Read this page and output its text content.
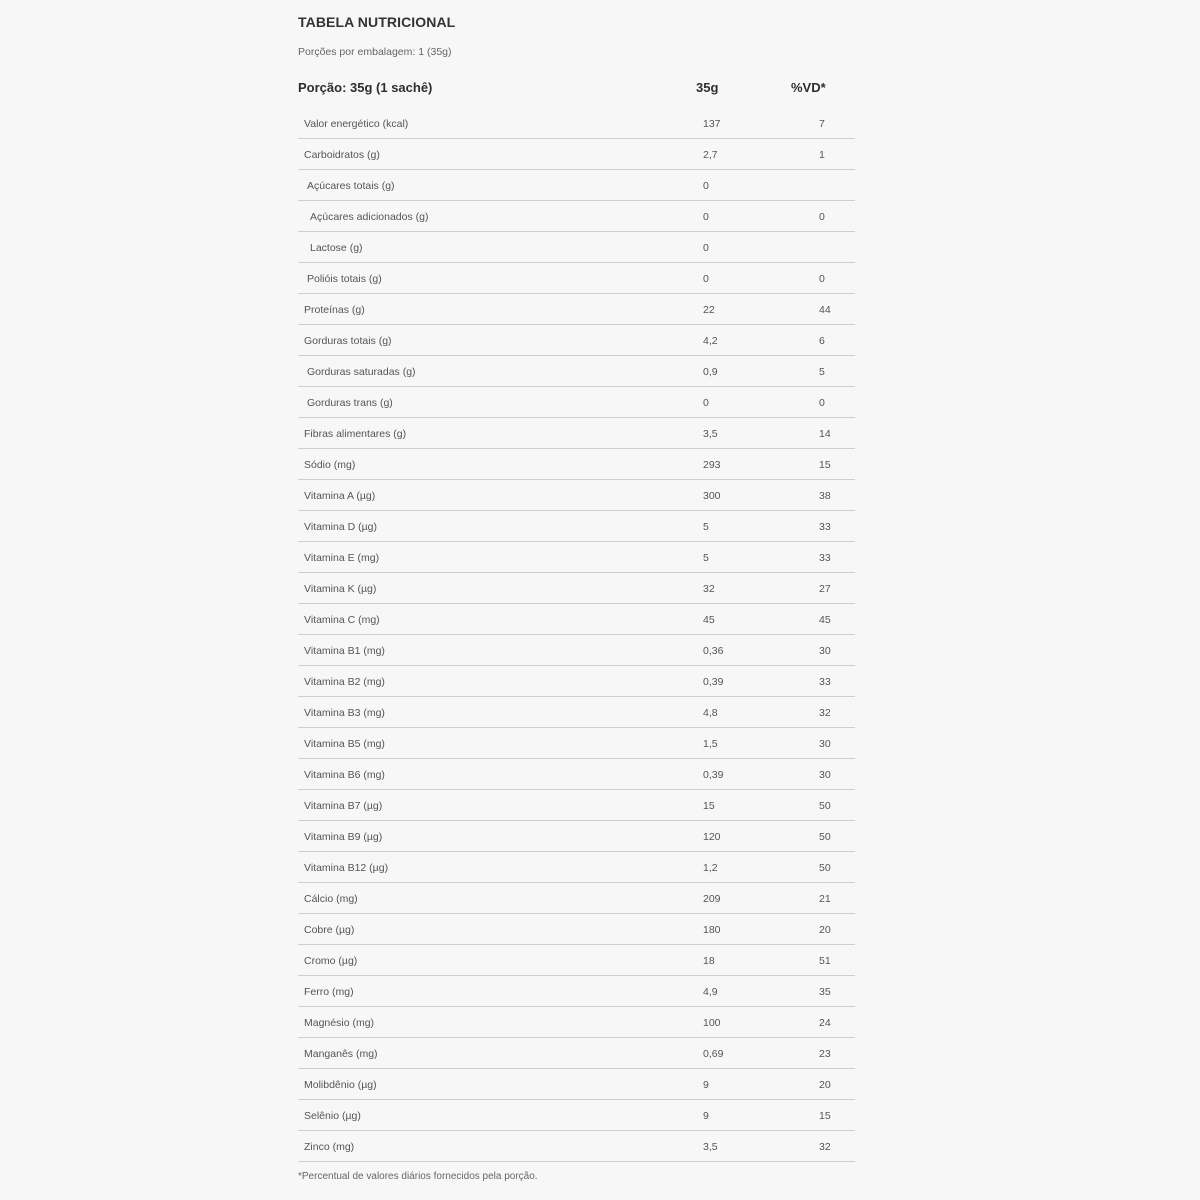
TABELA NUTRICIONAL
Porções por embalagem: 1 (35g)
Porção: 35g (1 sachê)	35g	%VD*
Valor energético (kcal)	137	7
Carboidratos (g)	2,7	1
Açúcares totais (g)	0
Açúcares adicionados (g)	0	0
Lactose (g)	0
Polióis totais (g)	0	0
Proteínas (g)	22	44
Gorduras totais (g)	4,2	6
Gorduras saturadas (g)	0,9	5
Gorduras trans (g)	0	0
Fibras alimentares (g)	3,5	14
Sódio (mg)	293	15
Vitamina A (µg)	300	38
Vitamina D (µg)	5	33
Vitamina E (mg)	5	33
Vitamina K (µg)	32	27
Vitamina C (mg)	45	45
Vitamina B1 (mg)	0,36	30
Vitamina B2 (mg)	0,39	33
Vitamina B3 (mg)	4,8	32
Vitamina B5 (mg)	1,5	30
Vitamina B6 (mg)	0,39	30
Vitamina B7 (µg)	15	50
Vitamina B9 (µg)	120	50
Vitamina B12 (µg)	1,2	50
Cálcio (mg)	209	21
Cobre (µg)	180	20
Cromo (µg)	18	51
Ferro (mg)	4,9	35
Magnésio (mg)	100	24
Manganês (mg)	0,69	23
Molibdênio (µg)	9	20
Selênio (µg)	9	15
Zinco (mg)	3,5	32
*Percentual de valores diários fornecidos pela porção.
